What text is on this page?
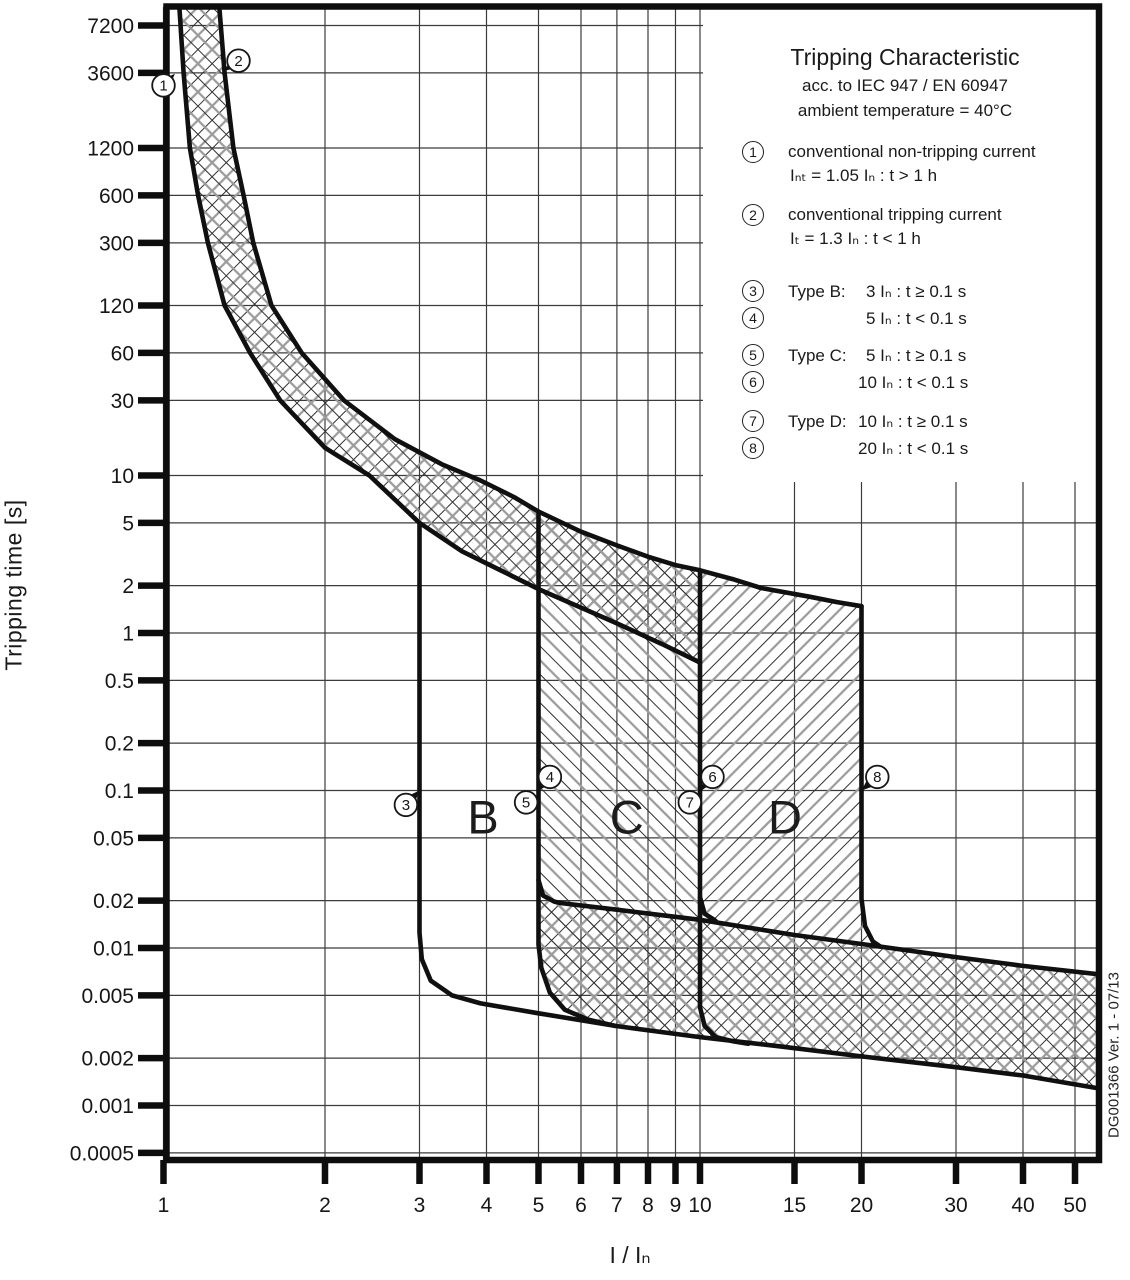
7200
3600
1200
600
300
120
60
30
10
5
2
1
0.5
0.2
0.1
0.05
0.02
0.01
0.005
0.002
0.001
0.0005
1	2	3	4 5 6 7 8 9 10	15 20	30 40 50
B C	D
1
2
3
4
5
6
7
8
Tripping time [s]
I / Iₙ
DG001366 Ver. 1 - 07/13
Tripping Characteristic
acc. to IEC 947 / EN 60947
ambient temperature = 40°C
1	conventional non-tripping current
Iₙₜ = 1.05 Iₙ : t > 1 h
2	conventional tripping current
Iₜ = 1.3 Iₙ : t < 1 h
3
4
Type B: 3 Iₙ : t ≥ 0.1 s
5 Iₙ : t < 0.1 s
5
6
Type C: 5 Iₙ : t ≥ 0.1 s
10 Iₙ : t < 0.1 s
7
8
Type D: 10 Iₙ : t ≥ 0.1 s
20 Iₙ : t < 0.1 s
